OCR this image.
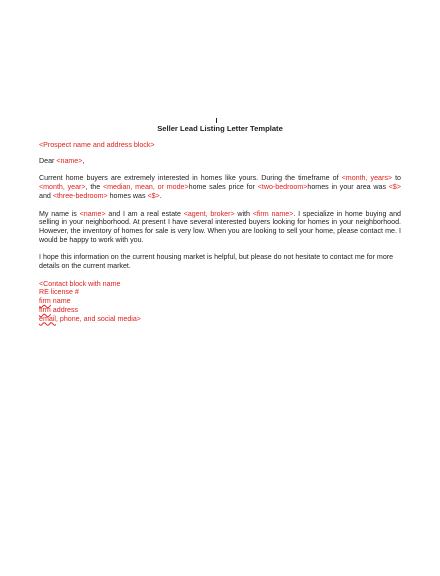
Seller Lead Listing Letter Template

<Prospect name and address block>

Dear <name>,

Current home buyers are extremely interested in homes like yours. During the timeframe of <month, years> to <month, year>, the <median, mean, or mode>home sales price for <two-bedroom>homes in your area was <$> and <three-bedroom> homes was <$>.

My name is <name> and I am a real estate <agent, broker> with <firm name>. I specialize in home buying and selling in your neighborhood. At present I have several interested buyers looking for homes in your neighborhood. However, the inventory of homes for sale is very low. When you are looking to sell your home, please contact me. I would be happy to work with you.

I hope this information on the current housing market is helpful, but please do not hesitate to contact me for more details on the current market.

<Contact block with name

RE license #

firm name

firm address

email, phone, and social media>
